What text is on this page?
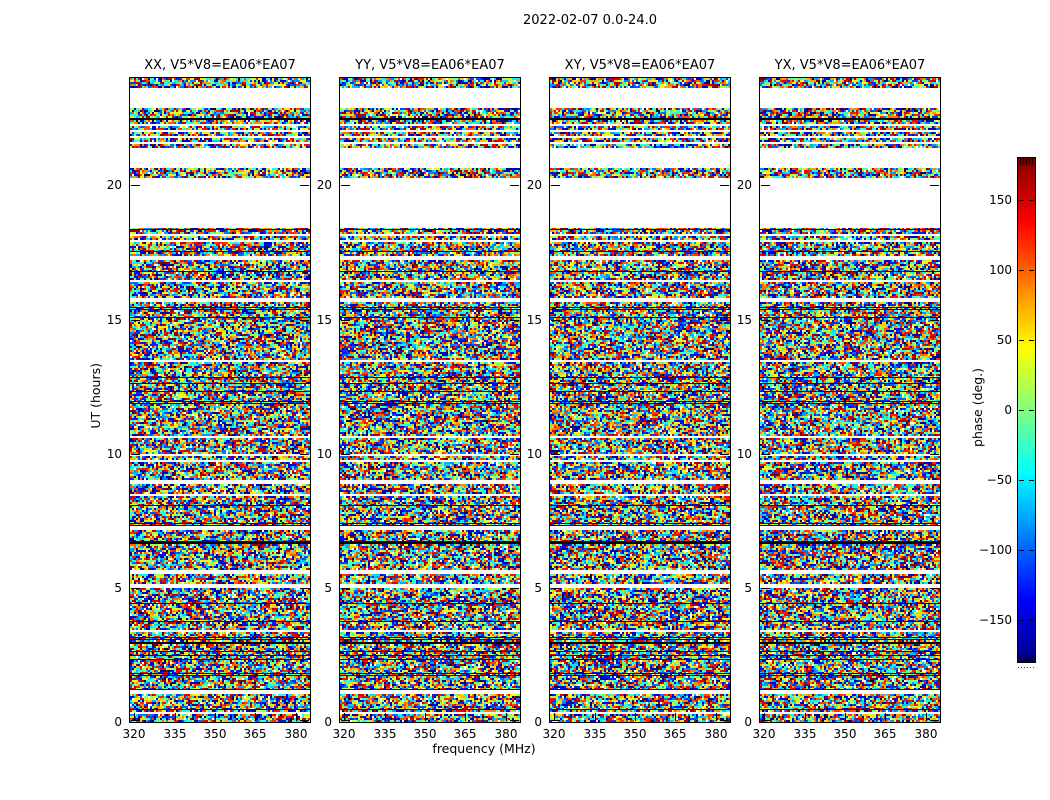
2022-02-07 0.0-24.0
XX, V5*V8=EA06*EA07	YY, V5*V8=EA06*EA07	XY, V5*V8=EA06*EA07	YX, V5*V8=EA06*EA07
UT (hours)
frequency (MHz)
phase (deg.)
0
5
10
15
20
320	335	350	365	380
0
5
10
15
20
320	335	350	365	380
0
5
10
15
20
320	335	350	365	380
0
5
10
15
20
320	335	350	365	380
150
100
50
0
−50
−100
−150
